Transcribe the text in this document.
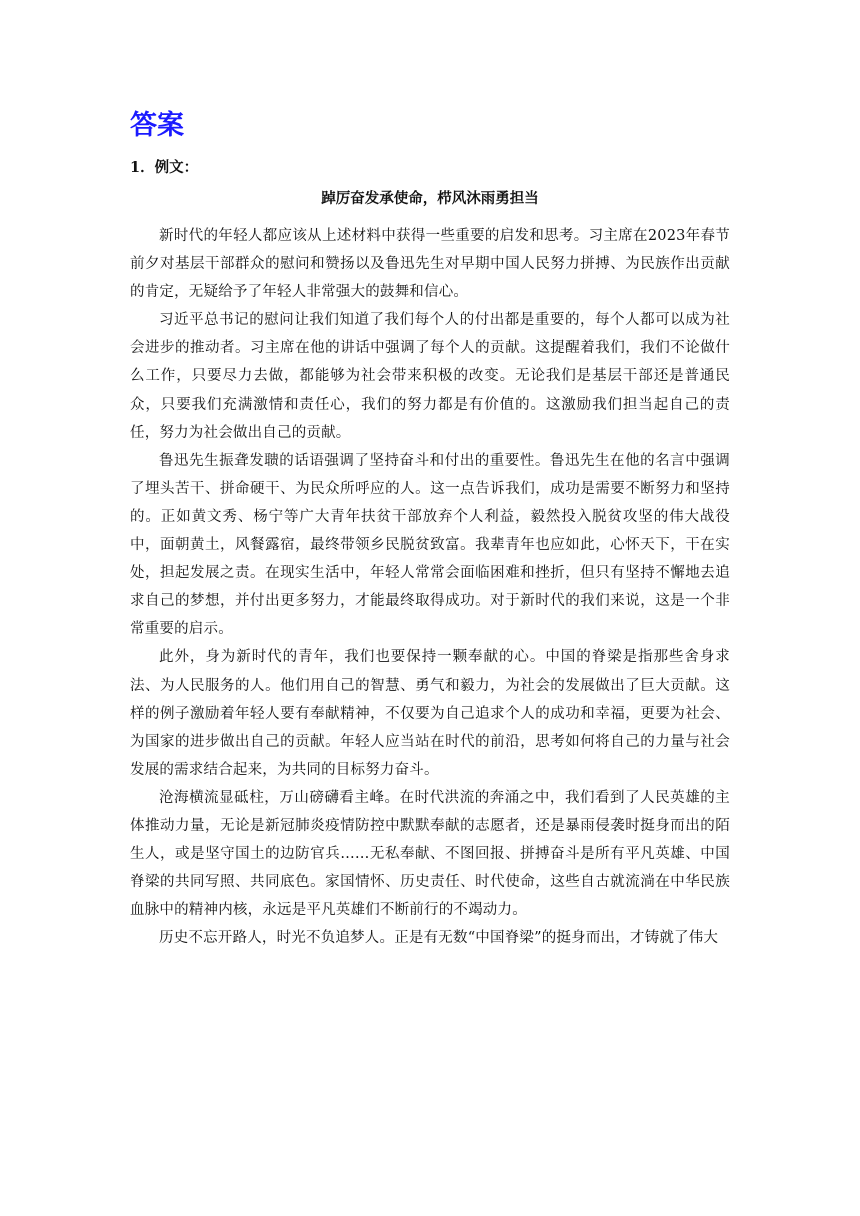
答案

1．例文：

踔厉奋发承使命，栉风沐雨勇担当

新时代的年轻人都应该从上述材料中获得一些重要的启发和思考。习主席在2023年春节前夕对基层干部群众的慰问和赞扬以及鲁迅先生对早期中国人民努力拼搏、为民族作出贡献的肯定，无疑给予了年轻人非常强大的鼓舞和信心。

习近平总书记的慰问让我们知道了我们每个人的付出都是重要的，每个人都可以成为社会进步的推动者。习主席在他的讲话中强调了每个人的贡献。这提醒着我们，我们不论做什么工作，只要尽力去做，都能够为社会带来积极的改变。无论我们是基层干部还是普通民众，只要我们充满激情和责任心，我们的努力都是有价值的。这激励我们担当起自己的责任，努力为社会做出自己的贡献。

鲁迅先生振聋发聩的话语强调了坚持奋斗和付出的重要性。鲁迅先生在他的名言中强调了埋头苦干、拼命硬干、为民众所呼应的人。这一点告诉我们，成功是需要不断努力和坚持的。正如黄文秀、杨宁等广大青年扶贫干部放弃个人利益，毅然投入脱贫攻坚的伟大战役中，面朝黄土，风餐露宿，最终带领乡民脱贫致富。我辈青年也应如此，心怀天下，干在实处，担起发展之责。在现实生活中，年轻人常常会面临困难和挫折，但只有坚持不懈地去追求自己的梦想，并付出更多努力，才能最终取得成功。对于新时代的我们来说，这是一个非常重要的启示。

此外，身为新时代的青年，我们也要保持一颗奉献的心。中国的脊梁是指那些舍身求法、为人民服务的人。他们用自己的智慧、勇气和毅力，为社会的发展做出了巨大贡献。这样的例子激励着年轻人要有奉献精神，不仅要为自己追求个人的成功和幸福，更要为社会、为国家的进步做出自己的贡献。年轻人应当站在时代的前沿，思考如何将自己的力量与社会发展的需求结合起来，为共同的目标努力奋斗。

沧海横流显砥柱，万山磅礴看主峰。在时代洪流的奔涌之中，我们看到了人民英雄的主体推动力量，无论是新冠肺炎疫情防控中默默奉献的志愿者，还是暴雨侵袭时挺身而出的陌生人，或是坚守国土的边防官兵……无私奉献、不图回报、拼搏奋斗是所有平凡英雄、中国脊梁的共同写照、共同底色。家国情怀、历史责任、时代使命，这些自古就流淌在中华民族血脉中的精神内核，永远是平凡英雄们不断前行的不竭动力。

历史不忘开路人，时光不负追梦人。正是有无数“中国脊梁”的挺身而出，才铸就了伟大
